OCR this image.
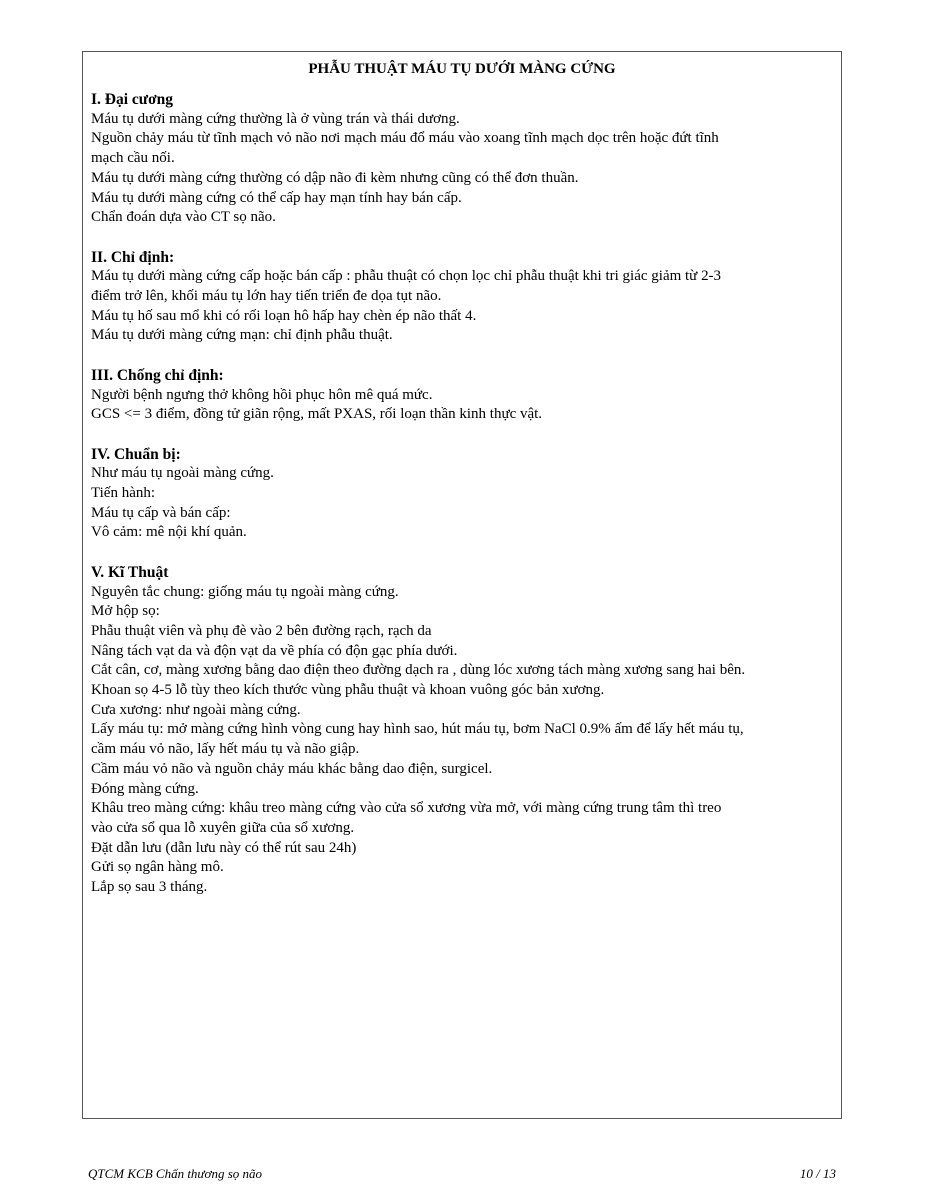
PHẪU THUẬT MÁU TỤ DƯỚI MÀNG CỨNG
I. Đại cương

Máu tụ dưới màng cứng thường là ở vùng trán và thái dương.

Nguồn chảy máu từ tĩnh mạch vỏ não nơi mạch máu đổ máu vào xoang tĩnh mạch dọc trên hoặc đứt tĩnh

mạch cầu nối.

Máu tụ dưới màng cứng thường có dập não đi kèm nhưng cũng có thể đơn thuần.

Máu tụ dưới màng cứng có thể cấp hay mạn tính hay bán cấp.

Chẩn đoán dựa vào CT sọ não.

II. Chỉ định:

Máu tụ dưới màng cứng cấp hoặc bán cấp : phẫu thuật có chọn lọc chỉ phẫu thuật khi tri giác giảm từ 2-3

điểm trở lên, khối máu tụ lớn hay tiến triển đe dọa tụt não.

Máu tụ hố sau mổ khi có rối loạn hô hấp hay chèn ép não thất 4.

Máu tụ dưới màng cứng mạn: chỉ định phẫu thuật.

III. Chống chỉ định:

Người bệnh ngưng thở không hồi phục hôn mê quá mức.

GCS <= 3 điểm, đồng tử giãn rộng, mất PXAS, rối loạn thần kinh thực vật.

IV. Chuẩn bị:

Như máu tụ ngoài màng cứng.

Tiến hành:

Máu tụ cấp và bán cấp:

Vô cảm: mê nội khí quản.

V. Kĩ Thuật

Nguyên tắc chung: giống máu tụ ngoài màng cứng.

Mở hộp sọ:

Phẫu thuật viên và phụ đè vào 2 bên đường rạch, rạch da

Nâng tách vạt da và độn vạt da về phía có độn gạc phía dưới.

Cắt cân, cơ, màng xương bằng dao điện theo đường dạch ra , dùng lóc xương tách màng xương sang hai bên.

Khoan sọ 4-5 lỗ tùy theo kích thước vùng phẫu thuật và khoan vuông góc bản xương.

Cưa xương: như ngoài màng cứng.

Lấy máu tụ: mở màng cứng hình vòng cung hay hình sao, hút máu tụ, bơm NaCl 0.9% ấm để lấy hết máu tụ,

cầm máu vỏ não, lấy hết máu tụ và não giập.

Cầm máu vỏ não và nguồn chảy máu khác bằng dao điện, surgicel.

Đóng màng cứng.

Khâu treo màng cứng: khâu treo màng cứng vào cửa sổ xương vừa mở, với màng cứng trung tâm thì treo

vào cửa sổ qua lỗ xuyên giữa của sổ xương.

Đặt dẫn lưu (dẫn lưu này có thể rút sau 24h)

Gửi sọ ngân hàng mô.

Lắp sọ sau 3 tháng.

QTCM KCB Chấn thương sọ não	10 / 13
